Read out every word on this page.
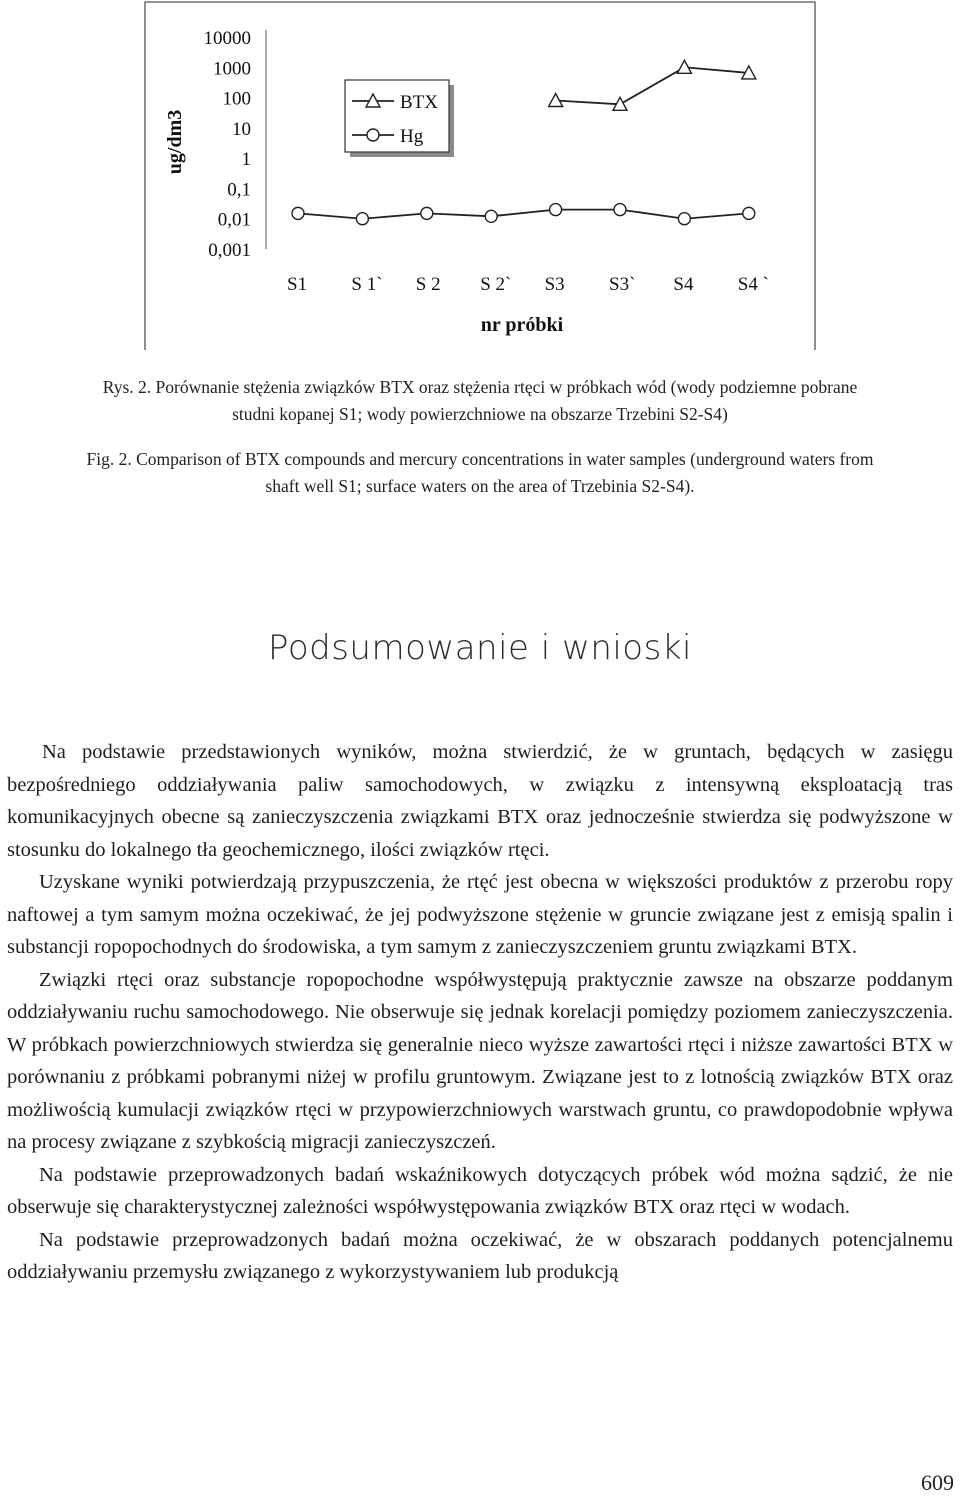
ug/dm3
nr próbki
10000
1000
100
10
1
0,1
0,01
0,001
S1 S 1` S 2 S 2` S3 S3` S4 S4 `
BTX
Hg
Rys. 2. Porównanie stężenia związków BTX oraz stężenia rtęci w próbkach wód (wody podziemne pobrane
studni kopanej S1; wody powierzchniowe na obszarze Trzebini S2-S4)
Fig. 2. Comparison of BTX compounds and mercury concentrations in water samples (underground waters from
shaft well S1; surface waters on the area of Trzebinia S2-S4).
Podsumowanie i wnioski

Na podstawie przedstawionych wyników, można stwierdzić, że w gruntach, będących w zasięgu bezpośredniego oddziaływania paliw samochodowych, w związku z intensywną eksploatacją tras komunikacyjnych obecne są zanieczyszczenia związkami BTX oraz jednocześnie stwierdza się podwyższone w stosunku do lokalnego tła geochemicznego, ilości związków rtęci.

Uzyskane wyniki potwierdzają przypuszczenia, że rtęć jest obecna w większości produktów z przerobu ropy naftowej a tym samym można oczekiwać, że jej podwyższone stężenie w gruncie związane jest z emisją spalin i substancji ropopochodnych do środowiska, a tym samym z zanieczyszczeniem gruntu związkami BTX.

Związki rtęci oraz substancje ropopochodne współwystępują praktycznie zawsze na obszarze poddanym oddziaływaniu ruchu samochodowego. Nie obserwuje się jednak korelacji pomiędzy poziomem zanieczyszczenia. W próbkach powierzchniowych stwierdza się generalnie nieco wyższe zawartości rtęci i niższe zawartości BTX w porównaniu z próbkami pobranymi niżej w profilu gruntowym. Związane jest to z lotnością związków BTX oraz możliwością kumulacji związków rtęci w przypowierzchniowych warstwach gruntu, co prawdopodobnie wpływa na procesy związane z szybkością migracji zanieczyszczeń.

Na podstawie przeprowadzonych badań wskaźnikowych dotyczących próbek wód można sądzić, że nie obserwuje się charakterystycznej zależności współwystępowania związków BTX oraz rtęci w wodach.

Na podstawie przeprowadzonych badań można oczekiwać, że w obszarach poddanych potencjalnemu oddziaływaniu przemysłu związanego z wykorzystywaniem lub produkcją

609
